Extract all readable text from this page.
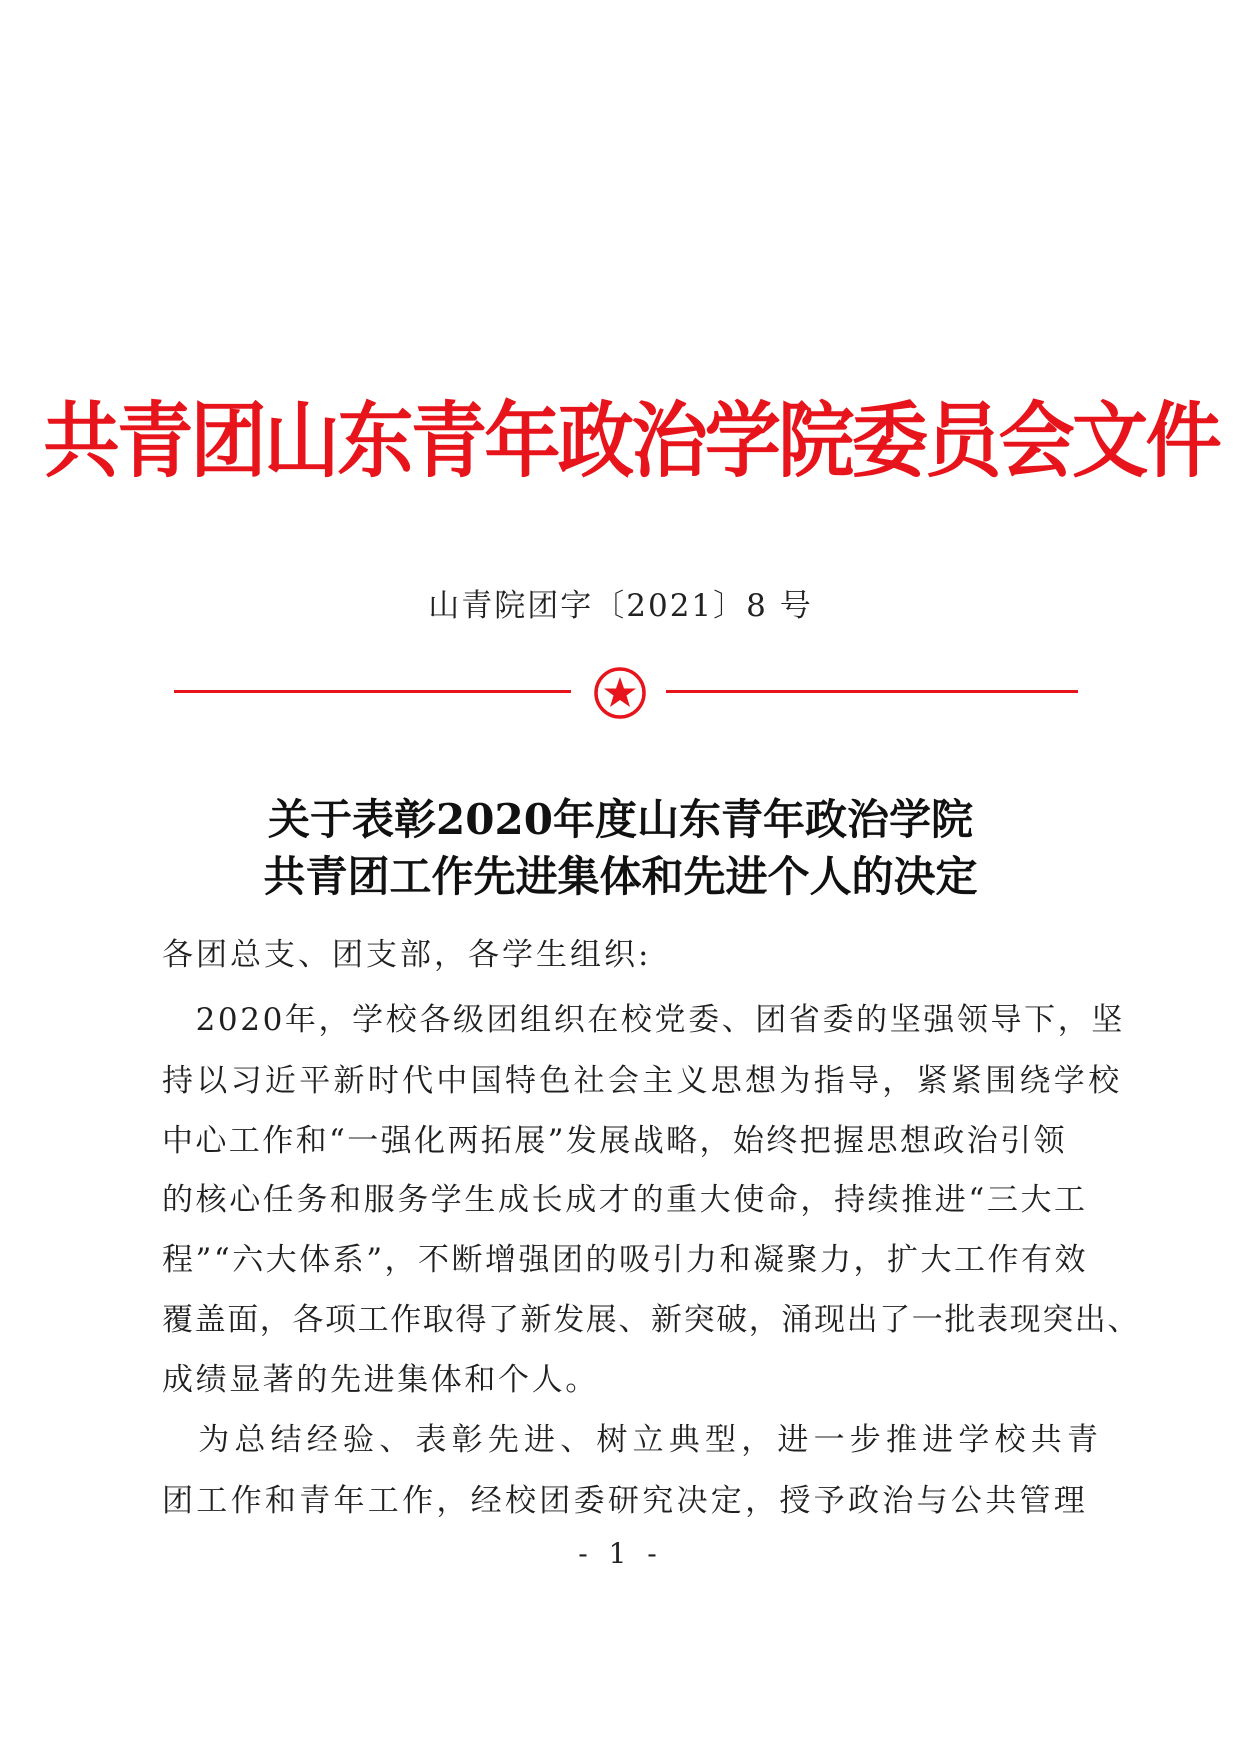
共青团山东青年政治学院委员会文件
山青院团字〔2021〕8 号
关于表彰2020年度山东青年政治学院
共青团工作先进集体和先进个人的决定
各团总支、团支部，各学生组织:
　2020年，学校各级团组织在校党委、团省委的坚强领导下，坚
持以习近平新时代中国特色社会主义思想为指导，紧紧围绕学校
中心工作和“一强化两拓展”发展战略，始终把握思想政治引领
的核心任务和服务学生成长成才的重大使命，持续推进“三大工
程”“六大体系”，不断增强团的吸引力和凝聚力，扩大工作有效
覆盖面，各项工作取得了新发展、新突破，涌现出了一批表现突出、
成绩显著的先进集体和个人。
　为总结经验、表彰先进、树立典型，进一步推进学校共青
团工作和青年工作，经校团委研究决定，授予政治与公共管理
- 1 -
